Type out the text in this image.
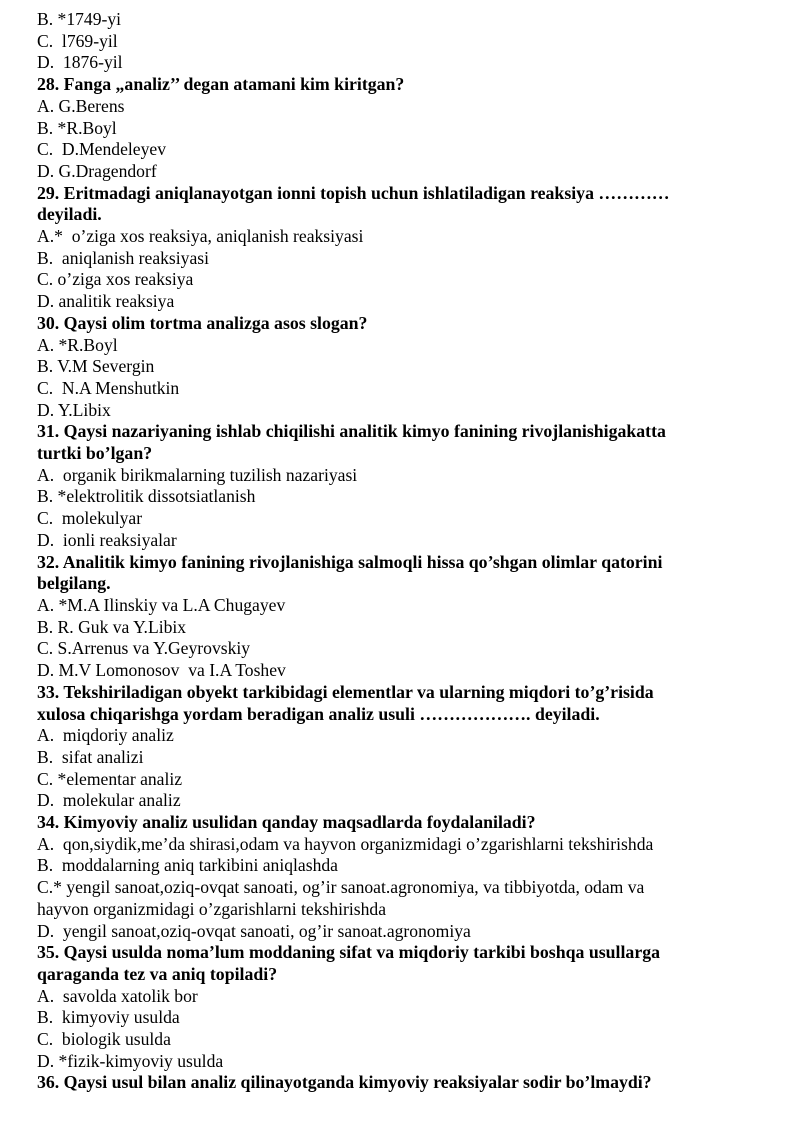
B. *1749-yi
C.  l769-yil
D.  1876-yil
28. Fanga „analiz’’ degan atamani kim kiritgan?
A. G.Berens
B. *R.Boyl
C.  D.Mendeleyev
D. G.Dragendorf
29. Eritmadagi aniqlanayotgan ionni topish uchun ishlatiladigan reaksiya …………
deyiladi.
A.*  o’ziga xos reaksiya, aniqlanish reaksiyasi
B.  aniqlanish reaksiyasi
C. o’ziga xos reaksiya
D. analitik reaksiya
30. Qaysi olim tortma analizga asos slogan?
A. *R.Boyl
B. V.M Severgin
C.  N.A Menshutkin
D. Y.Libix
31. Qaysi nazariyaning ishlab chiqilishi analitik kimyo fanining rivojlanishigakatta
turtki bo’lgan?
A.  organik birikmalarning tuzilish nazariyasi
B. *elektrolitik dissotsiatlanish
C.  molekulyar
D.  ionli reaksiyalar
32. Analitik kimyo fanining rivojlanishiga salmoqli hissa qo’shgan olimlar qatorini
belgilang.
A. *M.A Ilinskiy va L.A Chugayev
B. R. Guk va Y.Libix
C. S.Arrenus va Y.Geyrovskiy
D. M.V Lomonosov  va I.A Toshev
33. Tekshiriladigan obyekt tarkibidagi elementlar va ularning miqdori to’g’risida
xulosa chiqarishga yordam beradigan analiz usuli ………………. deyiladi.
A.  miqdoriy analiz
B.  sifat analizi
C. *elementar analiz
D.  molekular analiz
34. Kimyoviy analiz usulidan qanday maqsadlarda foydalaniladi?
A.  qon,siydik,me’da shirasi,odam va hayvon organizmidagi o’zgarishlarni tekshirishda
B.  moddalarning aniq tarkibini aniqlashda
C.* yengil sanoat,oziq-ovqat sanoati, og’ir sanoat.agronomiya, va tibbiyotda, odam va
hayvon organizmidagi o’zgarishlarni tekshirishda
D.  yengil sanoat,oziq-ovqat sanoati, og’ir sanoat.agronomiya
35. Qaysi usulda noma’lum moddaning sifat va miqdoriy tarkibi boshqa usullarga
qaraganda tez va aniq topiladi?
A.  savolda xatolik bor
B.  kimyoviy usulda
C.  biologik usulda
D. *fizik-kimyoviy usulda
36. Qaysi usul bilan analiz qilinayotganda kimyoviy reaksiyalar sodir bo’lmaydi?
